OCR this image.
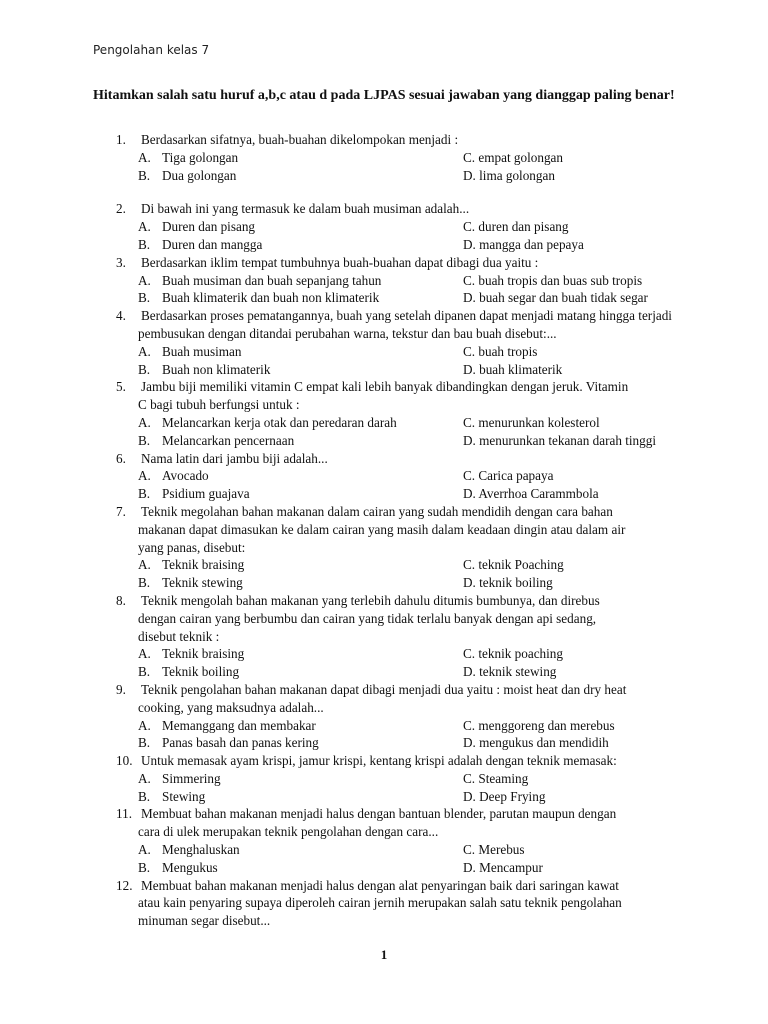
Pengolahan kelas 7
Hitamkan salah satu huruf a,b,c atau d pada LJPAS sesuai jawaban yang dianggap paling benar!
1. Berdasarkan sifatnya, buah-buahan dikelompokan menjadi :
A. Tiga golongan	C. empat golongan
B. Dua golongan	D. lima golongan
2. Di bawah ini yang termasuk ke dalam buah musiman adalah...
A. Duren dan pisang	C. duren dan pisang
B. Duren dan mangga	D. mangga dan pepaya
3. Berdasarkan iklim tempat tumbuhnya buah-buahan dapat dibagi dua yaitu :
A. Buah musiman dan buah sepanjang tahun	C. buah tropis dan buas sub tropis
B. Buah klimaterik dan buah non klimaterik	D. buah segar dan buah tidak segar
4. Berdasarkan proses pematangannya, buah yang setelah dipanen dapat menjadi matang hingga terjadi
pembusukan dengan ditandai perubahan warna, tekstur dan bau buah disebut:...
A. Buah musiman	C. buah tropis
B. Buah non klimaterik	D. buah klimaterik
5. Jambu biji memiliki vitamin C empat kali lebih banyak dibandingkan dengan jeruk. Vitamin
C bagi tubuh berfungsi untuk :
A. Melancarkan kerja otak dan peredaran darah	C. menurunkan kolesterol
B. Melancarkan pencernaan	D. menurunkan tekanan darah tinggi
6. Nama latin dari jambu biji adalah...
A. Avocado	C. Carica papaya
B. Psidium guajava	D. Averrhoa Carammbola
7. Teknik megolahan bahan makanan dalam cairan yang sudah mendidih dengan cara bahan
makanan dapat dimasukan ke dalam cairan yang masih dalam keadaan dingin atau dalam air
yang panas, disebut:
A. Teknik braising	C. teknik Poaching
B. Teknik stewing	D. teknik boiling
8. Teknik mengolah bahan makanan yang terlebih dahulu ditumis bumbunya, dan direbus
dengan cairan yang berbumbu dan cairan yang tidak terlalu banyak dengan api sedang,
disebut teknik :
A. Teknik braising	C. teknik poaching
B. Teknik boiling	D. teknik stewing
9. Teknik pengolahan bahan makanan dapat dibagi menjadi dua yaitu : moist heat dan dry heat
cooking, yang maksudnya adalah...
A. Memanggang dan membakar	C. menggoreng dan merebus
B. Panas basah dan panas kering	D. mengukus dan mendidih
10. Untuk memasak ayam krispi, jamur krispi, kentang krispi adalah dengan teknik memasak:
A. Simmering	C. Steaming
B. Stewing	D. Deep Frying
11. Membuat bahan makanan menjadi halus dengan bantuan blender, parutan maupun dengan
cara di ulek merupakan teknik pengolahan dengan cara...
A. Menghaluskan	C. Merebus
B. Mengukus	D. Mencampur
12. Membuat bahan makanan menjadi halus dengan alat penyaringan baik dari saringan kawat
atau kain penyaring supaya diperoleh cairan jernih merupakan salah satu teknik pengolahan
minuman segar disebut...
1
